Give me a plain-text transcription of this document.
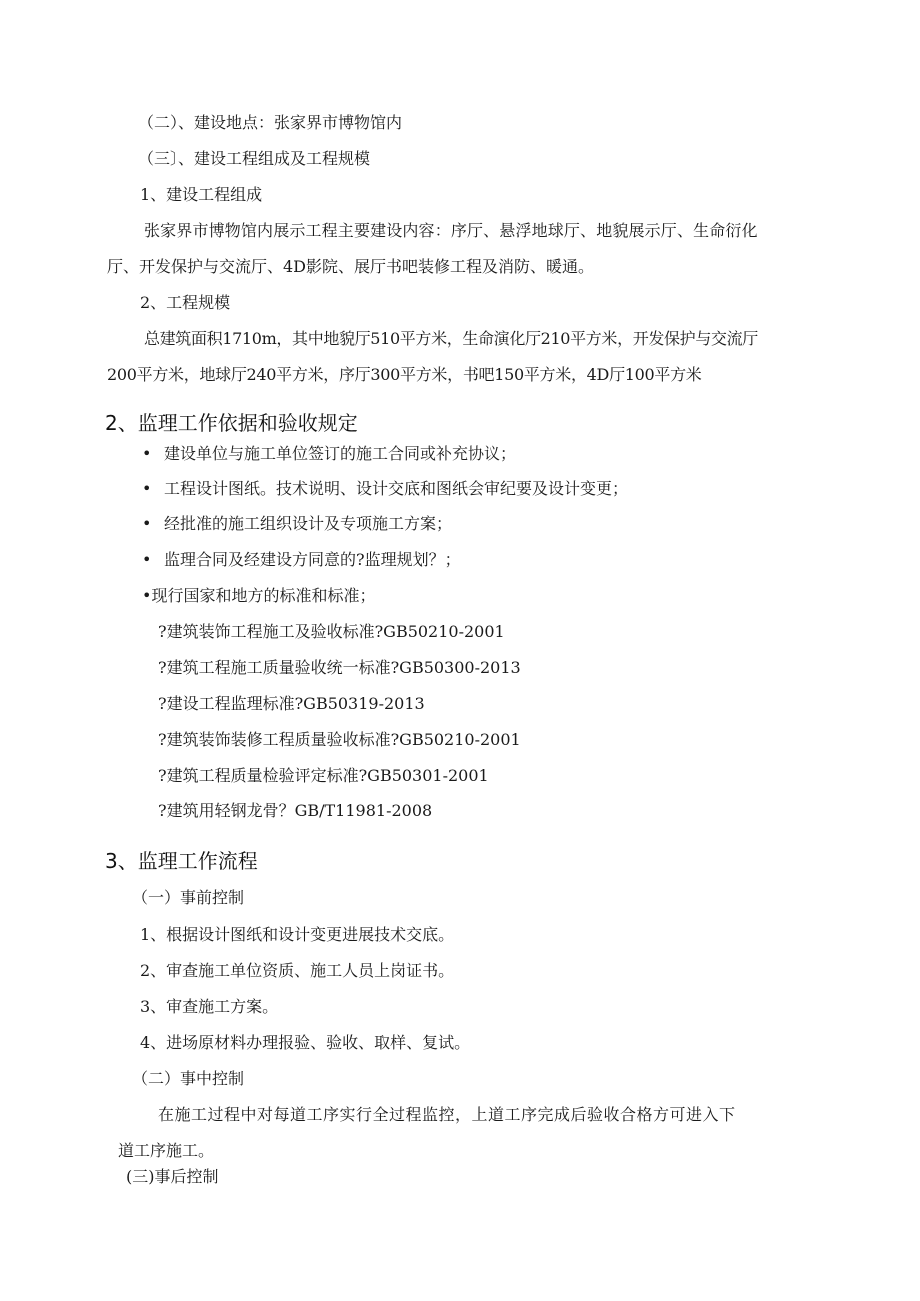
（二）、建设地点：张家界市博物馆内
（三〕、建设工程组成及工程规模
1、建设工程组成
张家界市博物馆内展示工程主要建设内容：序厅、悬浮地球厅、地貌展示厅、生命衍化
厅、开发保护与交流厅、4D影院、展厅书吧装修工程及消防、暖通。
2、工程规模
总建筑面积1710m，其中地貌厅510平方米，生命演化厅210平方米，开发保护与交流厅
200平方米，地球厅240平方米，序厅300平方米，书吧150平方米，4D厅100平方米
2、监理工作依据和验收规定
• 建设单位与施工单位签订的施工合同或补充协议；
• 工程设计图纸。技术说明、设计交底和图纸会审纪要及设计变更；
• 经批准的施工组织设计及专项施工方案；
• 监理合同及经建设方同意的?监理规划？；
•现行国家和地方的标准和标准；
?建筑装饰工程施工及验收标准?GB50210-2001
?建筑工程施工质量验收统一标准?GB50300-2013
?建设工程监理标准?GB50319-2013
?建筑装饰装修工程质量验收标准?GB50210-2001
?建筑工程质量检验评定标准?GB50301-2001
?建筑用轻钢龙骨？GB/T11981-2008
3、监理工作流程
（一）事前控制
1、根据设计图纸和设计变更进展技术交底。
2、审查施工单位资质、施工人员上岗证书。
3、审查施工方案。
4、进场原材料办理报验、验收、取样、复试。
（二）事中控制
在施工过程中对每道工序实行全过程监控，上道工序完成后验收合格方可进入下
道工序施工。
(三)事后控制
